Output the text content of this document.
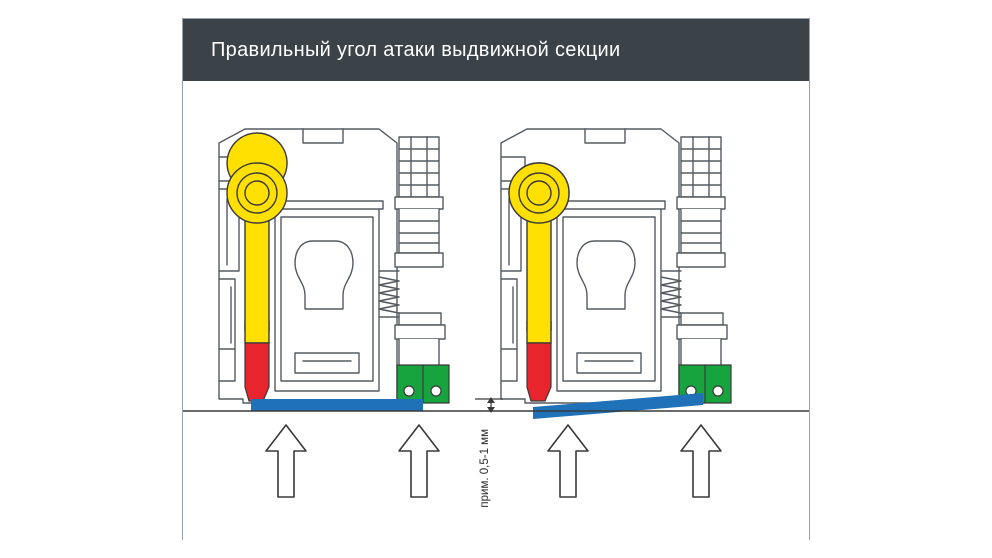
Правильный угол атаки выдвижной секции
прим. 0,5-1 мм
